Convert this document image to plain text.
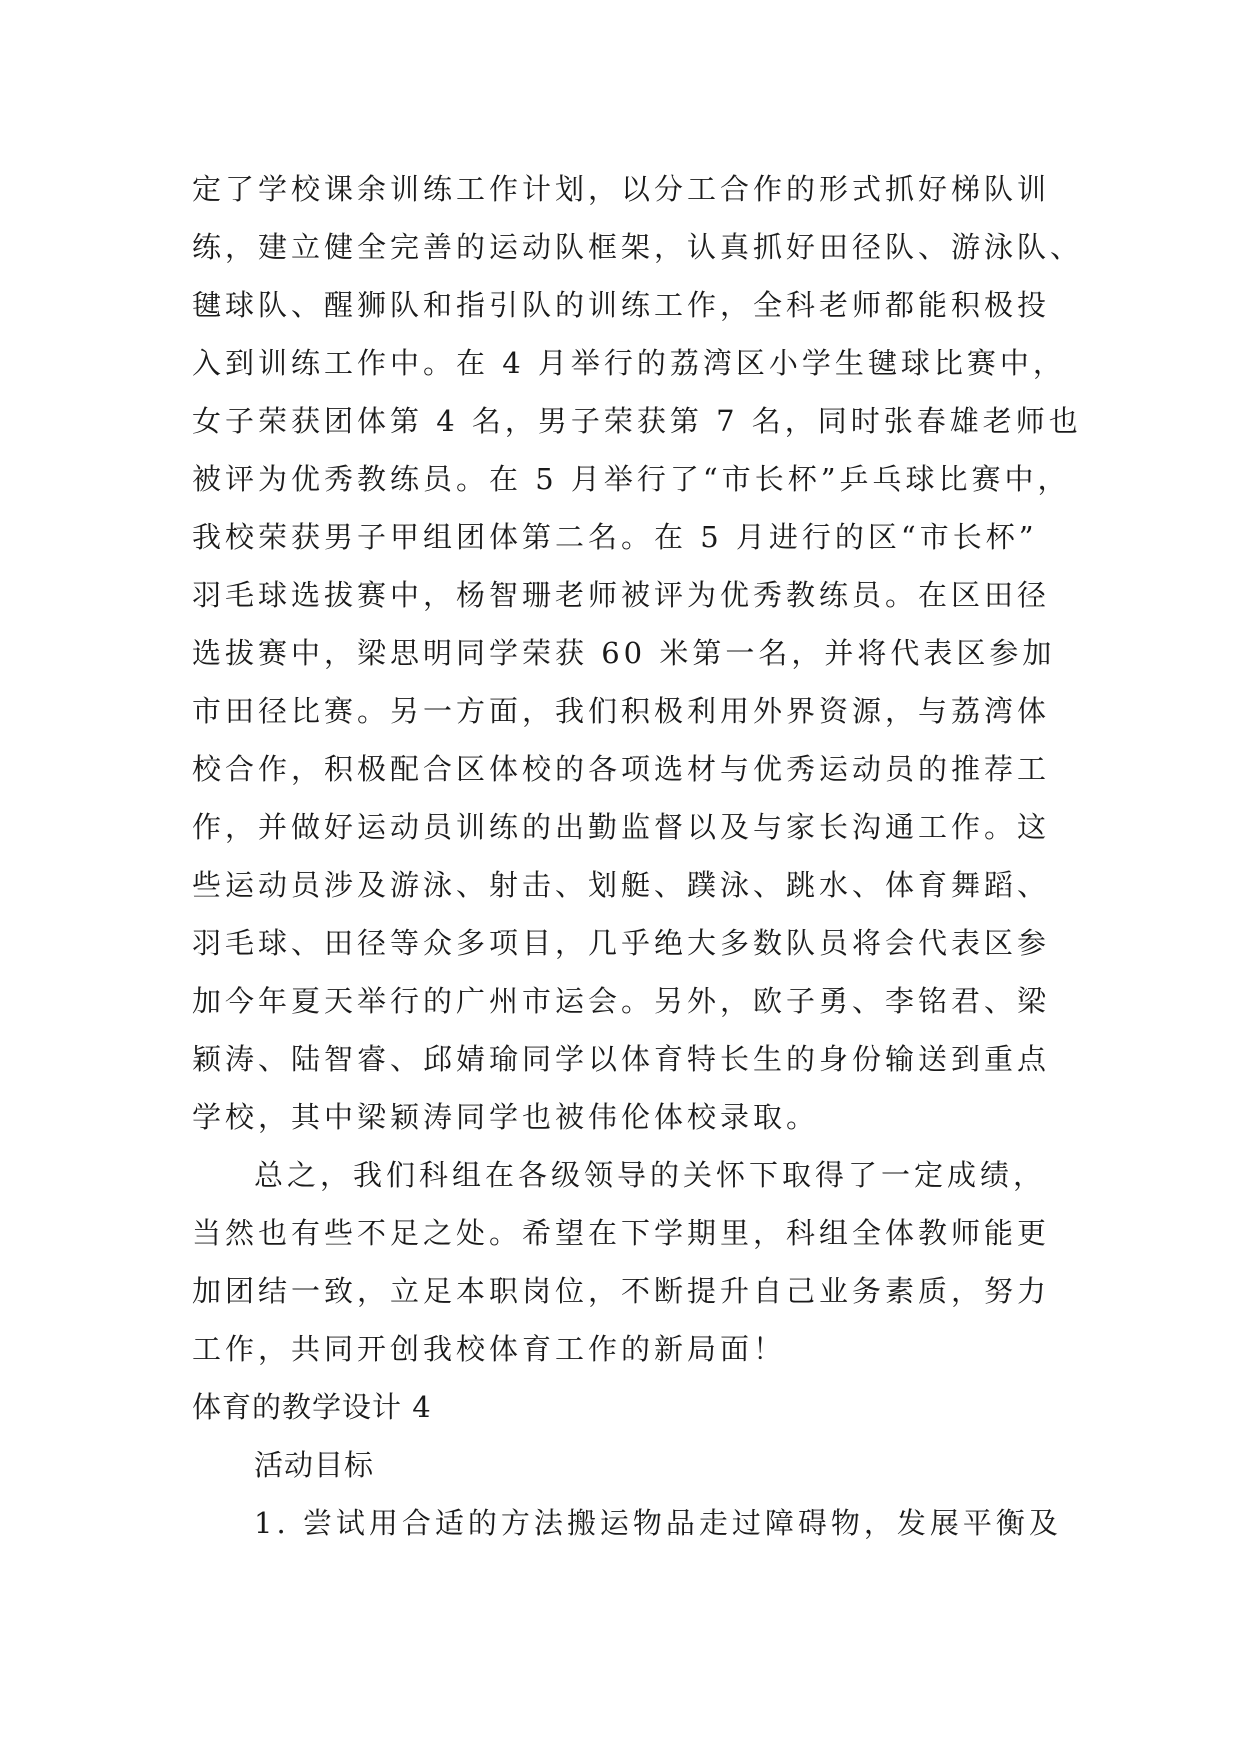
定了学校课余训练工作计划，以分工合作的形式抓好梯队训
练，建立健全完善的运动队框架，认真抓好田径队、游泳队、
毽球队、醒狮队和指引队的训练工作，全科老师都能积极投
入到训练工作中。在 4 月举行的荔湾区小学生毽球比赛中，
女子荣获团体第 4 名，男子荣获第 7 名，同时张春雄老师也
被评为优秀教练员。在 5 月举行了“市长杯”乒乓球比赛中，
我校荣获男子甲组团体第二名。在 5 月进行的区“市长杯”
羽毛球选拔赛中，杨智珊老师被评为优秀教练员。在区田径
选拔赛中，梁思明同学荣获 60 米第一名，并将代表区参加
市田径比赛。另一方面，我们积极利用外界资源，与荔湾体
校合作，积极配合区体校的各项选材与优秀运动员的推荐工
作，并做好运动员训练的出勤监督以及与家长沟通工作。这
些运动员涉及游泳、射击、划艇、蹼泳、跳水、体育舞蹈、
羽毛球、田径等众多项目，几乎绝大多数队员将会代表区参
加今年夏天举行的广州市运会。另外，欧子勇、李铭君、梁
颖涛、陆智睿、邱婧瑜同学以体育特长生的身份输送到重点
学校，其中梁颖涛同学也被伟伦体校录取。
总之，我们科组在各级领导的关怀下取得了一定成绩，
当然也有些不足之处。希望在下学期里，科组全体教师能更
加团结一致，立足本职岗位，不断提升自己业务素质，努力
工作，共同开创我校体育工作的新局面！
体育的教学设计 4
活动目标
1. 尝试用合适的方法搬运物品走过障碍物，发展平衡及
